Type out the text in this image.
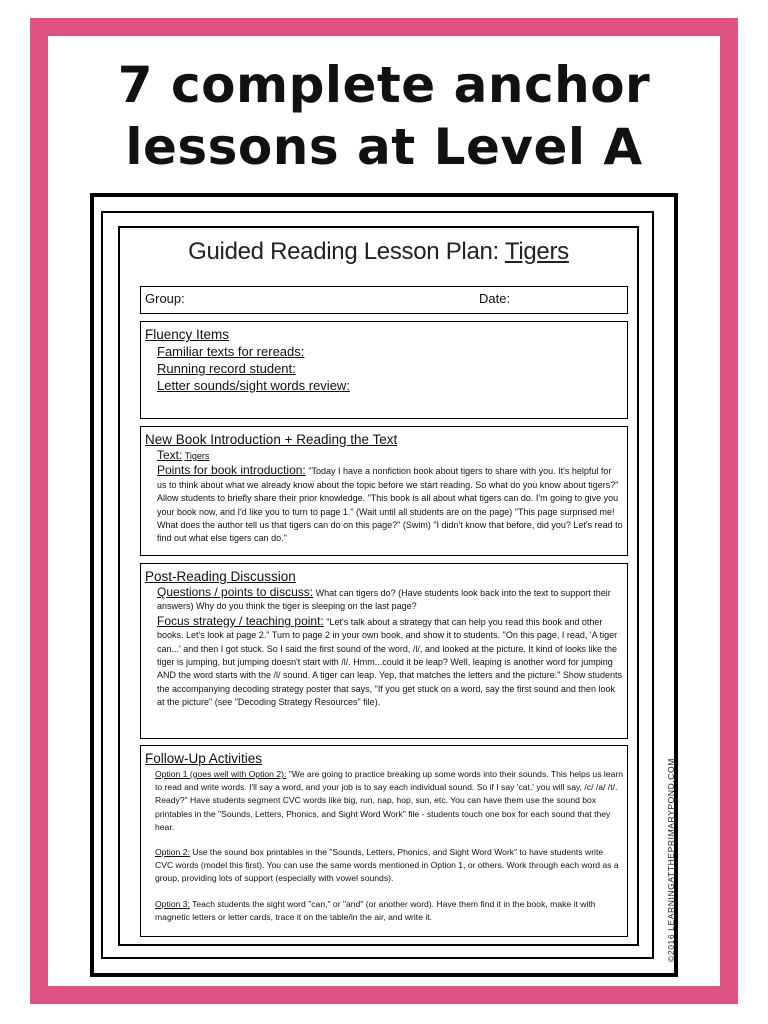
7 complete anchor
lessons at Level A
Guided Reading Lesson Plan: Tigers
Group:	Date:
Fluency Items
Familiar texts for rereads:
Running record student:
Letter sounds/sight words review:
New Book Introduction + Reading the Text
Text: Tigers
Points for book introduction: "Today I have a nonfiction book about tigers to share with you. It's helpful for us to think about what we already know about the topic before we start reading. So what do you know about tigers?" Allow students to briefly share their prior knowledge. "This book is all about what tigers can do. I'm going to give you your book now, and I'd like you to turn to page 1." (Wait until all students are on the page) "This page surprised me! What does the author tell us that tigers can do on this page?" (Swim) "I didn't know that before, did you? Let's read to find out what else tigers can do."
Post-Reading Discussion
Questions / points to discuss: What can tigers do? (Have students look back into the text to support their answers) Why do you think the tiger is sleeping on the last page?
Focus strategy / teaching point: "Let's talk about a strategy that can help you read this book and other books. Let's look at page 2." Turn to page 2 in your own book, and show it to students. "On this page, I read, 'A tiger can...' and then I got stuck. So I said the first sound of the word, /l/, and looked at the picture. It kind of looks like the tiger is jumping, but jumping doesn't start with /l/. Hmm...could it be leap? Well, leaping is another word for jumping AND the word starts with the /l/ sound. A tiger can leap. Yep, that matches the letters and the picture." Show students the accompanying decoding strategy poster that says, "If you get stuck on a word, say the first sound and then look at the picture" (see "Decoding Strategy Resources" file).
Follow-Up Activities
Option 1 (goes well with Option 2): "We are going to practice breaking up some words into their sounds. This helps us learn to read and write words. I'll say a word, and your job is to say each individual sound. So if I say 'cat,' you will say, /c/ /a/ /t/. Ready?" Have students segment CVC words like big, run, nap, hop, sun, etc. You can have them use the sound box printables in the "Sounds, Letters, Phonics, and Sight Word Work" file - students touch one box for each sound that they hear.
Option 2: Use the sound box printables in the "Sounds, Letters, Phonics, and Sight Word Work" to have students write CVC words (model this first). You can use the same words mentioned in Option 1, or others. Work through each word as a group, providing lots of support (especially with vowel sounds).
Option 3: Teach students the sight word "can," or "and" (or another word). Have them find it in the book, make it with magnetic letters or letter cards, trace it on the table/in the air, and write it.
